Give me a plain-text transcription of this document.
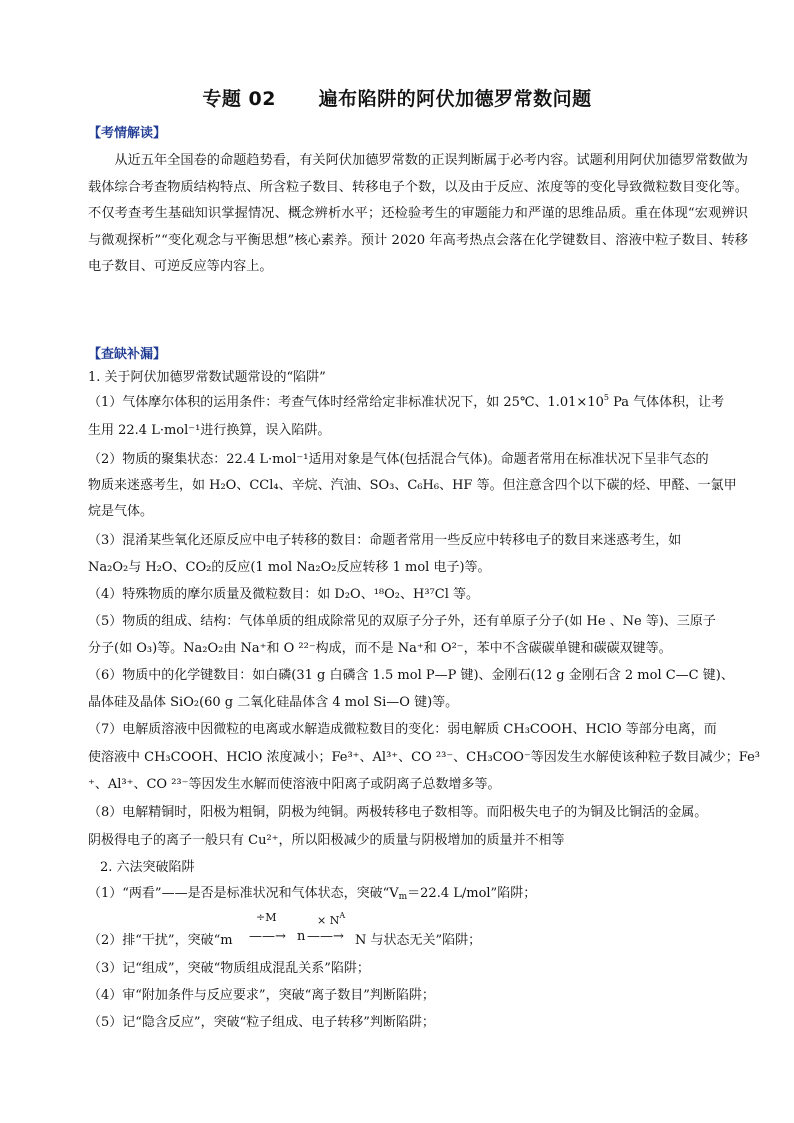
专题 02      遍布陷阱的阿伏加德罗常数问题
【考情解读】
从近五年全国卷的命题趋势看，有关阿伏加德罗常数的正误判断属于必考内容。试题利用阿伏加德罗常数做为载体综合考查物质结构特点、所含粒子数目、转移电子个数，以及由于反应、浓度等的变化导致微粒数目变化等。不仅考查考生基础知识掌握情况、概念辨析水平；还检验考生的审题能力和严谨的思维品质。重在体现“宏观辨识与微观探析”“变化观念与平衡思想”核心素养。预计 2020 年高考热点会落在化学键数目、溶液中粒子数目、转移电子数目、可逆反应等内容上。
【查缺补漏】
1. 关于阿伏加德罗常数试题常设的“陷阱”
（1）气体摩尔体积的运用条件：考查气体时经常给定非标准状况下，如 25℃、$1.01\times 10^5$ Pa 气体体积，让考
生用 22.4 L·mol⁻¹进行换算，误入陷阱。
（2）物质的聚集状态：22.4 L·mol⁻¹适用对象是气体(包括混合气体)。命题者常用在标准状况下呈非气态的
物质来迷惑考生，如 H₂O、CCl₄、辛烷、汽油、SO₃、C₆H₆、HF 等。但注意含四个以下碳的烃、甲醛、一氯甲
烷是气体。
（3）混淆某些氧化还原反应中电子转移的数目：命题者常用一些反应中转移电子的数目来迷惑考生，如
Na₂O₂与 H₂O、CO₂的反应(1 mol Na₂O₂反应转移 1 mol 电子)等。
（4）特殊物质的摩尔质量及微粒数目：如 D₂O、¹⁸O₂、H³⁷Cl 等。
（5）物质的组成、结构：气体单质的组成除常见的双原子分子外，还有单原子分子(如 He 、Ne 等)、三原子
分子(如 O₃)等。Na₂O₂由 Na⁺和 O ²²⁻构成，而不是 Na⁺和 O²⁻，苯中不含碳碳单键和碳碳双键等。
（6）物质中的化学键数目：如白磷(31 g 白磷含 1.5 mol P—P 键)、金刚石(12 g 金刚石含 2 mol C—C 键)、
晶体硅及晶体 SiO₂(60 g 二氧化硅晶体含 4 mol Si—O 键)等。
（7）电解质溶液中因微粒的电离或水解造成微粒数目的变化：弱电解质 CH₃COOH、HClO 等部分电离，而
使溶液中 CH₃COOH、HClO 浓度减小；Fe³⁺、Al³⁺、CO ²³⁻、CH₃COO⁻等因发生水解使该种粒子数目减少；Fe³
⁺、Al³⁺、CO ²³⁻等因发生水解而使溶液中阳离子或阴离子总数增多等。
（8）电解精铜时，阳极为粗铜，阴极为纯铜。两极转移电子数相等。而阳极失电子的为铜及比铜活的金属。
阴极得电子的离子一般只有 Cu²⁺，所以阳极减少的质量与阴极增加的质量并不相等
2. 六法突破陷阱
（1）“两看”——是否是标准状况和气体状态，突破“$V_m=22.4$ L/mol”陷阱；
（2）排“干扰”，突破“m
÷M
——→ n
× $N^A$
——→ N 与状态无关”陷阱；
（3）记“组成”，突破“物质组成混乱关系”陷阱；
（4）审“附加条件与反应要求”，突破“离子数目”判断陷阱；
（5）记“隐含反应”，突破“粒子组成、电子转移”判断陷阱；
